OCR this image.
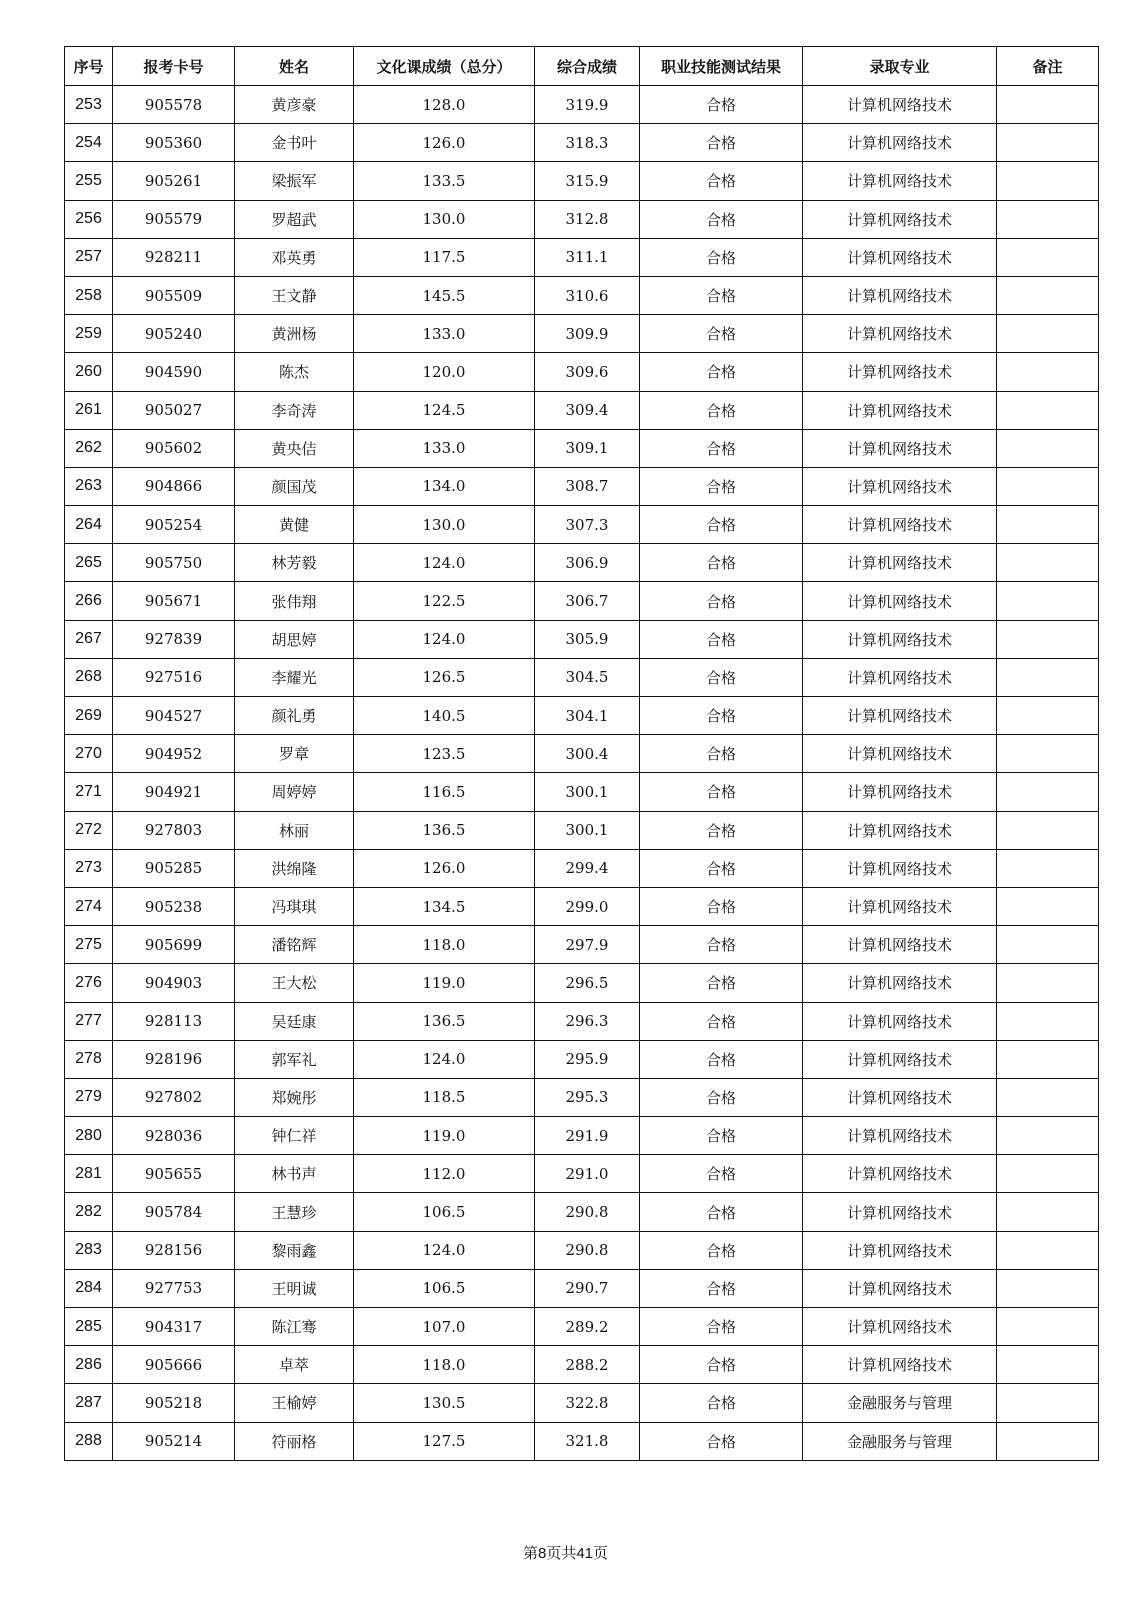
序号	报考卡号	姓名	文化课成绩（总分）	综合成绩	职业技能测试结果	录取专业	备注
253	905578	黄彦豪	128.0	319.9	合格	计算机网络技术	
254	905360	金书叶	126.0	318.3	合格	计算机网络技术	
255	905261	梁振军	133.5	315.9	合格	计算机网络技术	
256	905579	罗超武	130.0	312.8	合格	计算机网络技术	
257	928211	邓英勇	117.5	311.1	合格	计算机网络技术	
258	905509	王文静	145.5	310.6	合格	计算机网络技术	
259	905240	黄洲杨	133.0	309.9	合格	计算机网络技术	
260	904590	陈杰	120.0	309.6	合格	计算机网络技术	
261	905027	李奇涛	124.5	309.4	合格	计算机网络技术	
262	905602	黄央佶	133.0	309.1	合格	计算机网络技术	
263	904866	颜国茂	134.0	308.7	合格	计算机网络技术	
264	905254	黄健	130.0	307.3	合格	计算机网络技术	
265	905750	林芳毅	124.0	306.9	合格	计算机网络技术	
266	905671	张伟翔	122.5	306.7	合格	计算机网络技术	
267	927839	胡思婷	124.0	305.9	合格	计算机网络技术	
268	927516	李耀光	126.5	304.5	合格	计算机网络技术	
269	904527	颜礼勇	140.5	304.1	合格	计算机网络技术	
270	904952	罗章	123.5	300.4	合格	计算机网络技术	
271	904921	周婷婷	116.5	300.1	合格	计算机网络技术	
272	927803	林丽	136.5	300.1	合格	计算机网络技术	
273	905285	洪绵隆	126.0	299.4	合格	计算机网络技术	
274	905238	冯琪琪	134.5	299.0	合格	计算机网络技术	
275	905699	潘铭辉	118.0	297.9	合格	计算机网络技术	
276	904903	王大松	119.0	296.5	合格	计算机网络技术	
277	928113	吴廷康	136.5	296.3	合格	计算机网络技术	
278	928196	郭军礼	124.0	295.9	合格	计算机网络技术	
279	927802	郑婉彤	118.5	295.3	合格	计算机网络技术	
280	928036	钟仁祥	119.0	291.9	合格	计算机网络技术	
281	905655	林书声	112.0	291.0	合格	计算机网络技术	
282	905784	王慧珍	106.5	290.8	合格	计算机网络技术	
283	928156	黎雨鑫	124.0	290.8	合格	计算机网络技术	
284	927753	王明诚	106.5	290.7	合格	计算机网络技术	
285	904317	陈江骞	107.0	289.2	合格	计算机网络技术	
286	905666	卓萃	118.0	288.2	合格	计算机网络技术	
287	905218	王榆婷	130.5	322.8	合格	金融服务与管理	
288	905214	符丽格	127.5	321.8	合格	金融服务与管理	
第8页共41页
